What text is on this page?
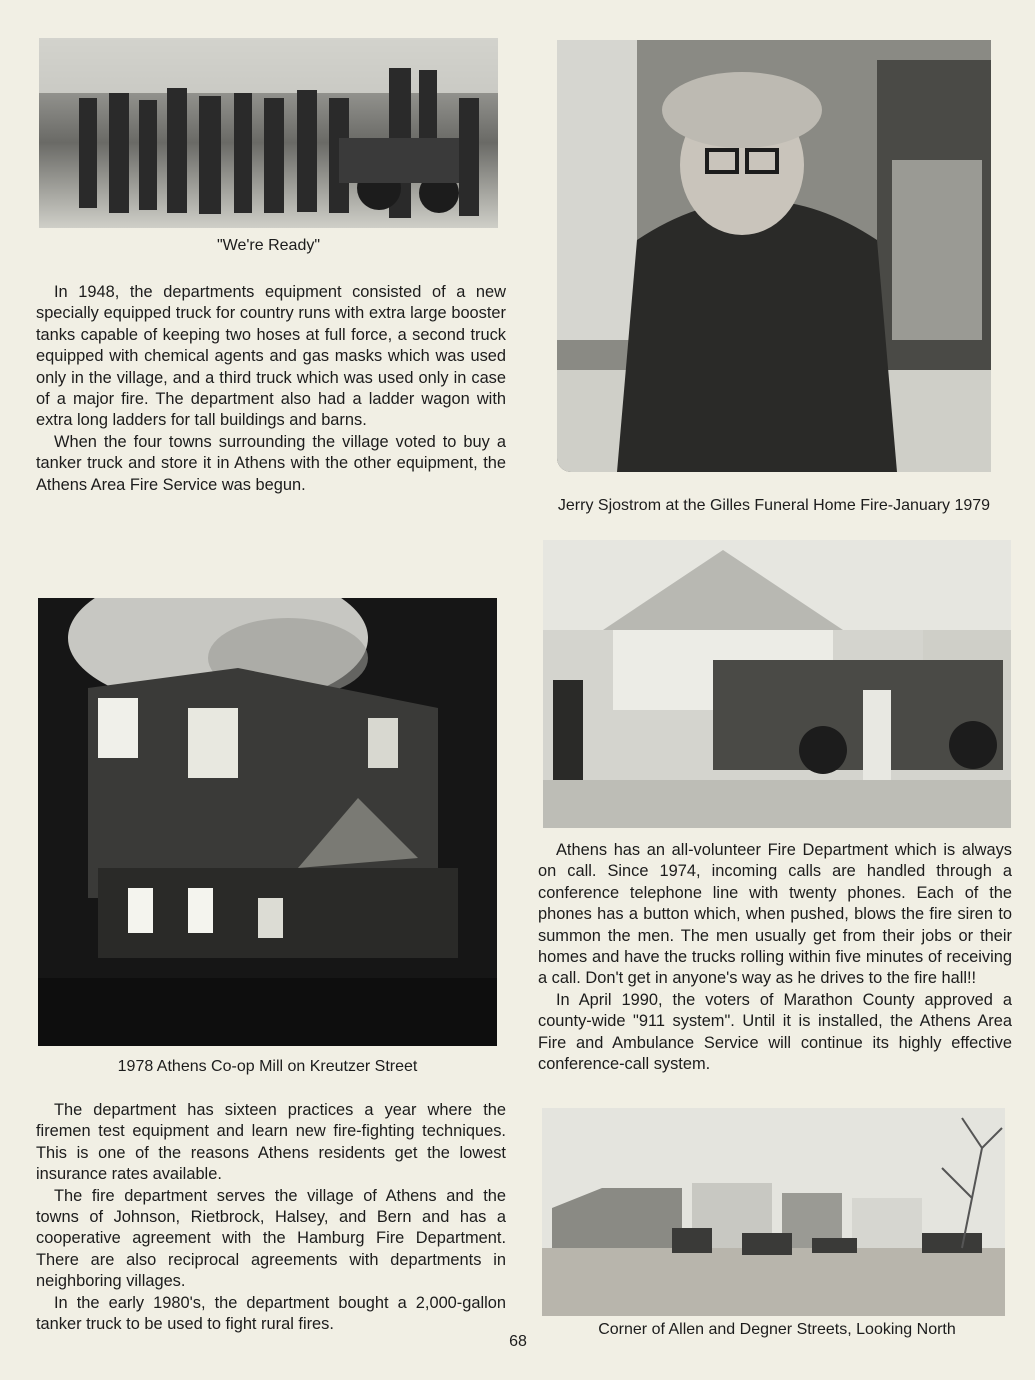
"We're Ready"
Jerry Sjostrom at the Gilles Funeral Home Fire-January 1979

In 1948, the departments equipment consisted of a new specially equipped truck for country runs with extra large booster tanks capable of keeping two hoses at full force, a second truck equipped with chemical agents and gas masks which was used only in the village, and a third truck which was used only in case of a major fire. The department also had a ladder wagon with extra long ladders for tall buildings and barns.

When the four towns surrounding the village voted to buy a tanker truck and store it in Athens with the other equipment, the Athens Area Fire Service was begun.

1978 Athens Co-op Mill on Kreutzer Street

The department has sixteen practices a year where the firemen test equipment and learn new fire-fighting techniques. This is one of the reasons Athens residents get the lowest insurance rates available.

The fire department serves the village of Athens and the towns of Johnson, Rietbrock, Halsey, and Bern and has a cooperative agreement with the Hamburg Fire Department. There are also reciprocal agreements with departments in neighboring villages.

In the early 1980's, the department bought a 2,000-gallon tanker truck to be used to fight rural fires.

Athens has an all-volunteer Fire Department which is always on call. Since 1974, incoming calls are handled through a conference telephone line with twenty phones. Each of the phones has a button which, when pushed, blows the fire siren to summon the men. The men usually get from their jobs or their homes and have the trucks rolling within five minutes of receiving a call. Don't get in anyone's way as he drives to the fire hall!!

In April 1990, the voters of Marathon County approved a county-wide "911 system". Until it is installed, the Athens Area Fire and Ambulance Service will continue its highly effective conference-call system.

Corner of Allen and Degner Streets, Looking North
68
